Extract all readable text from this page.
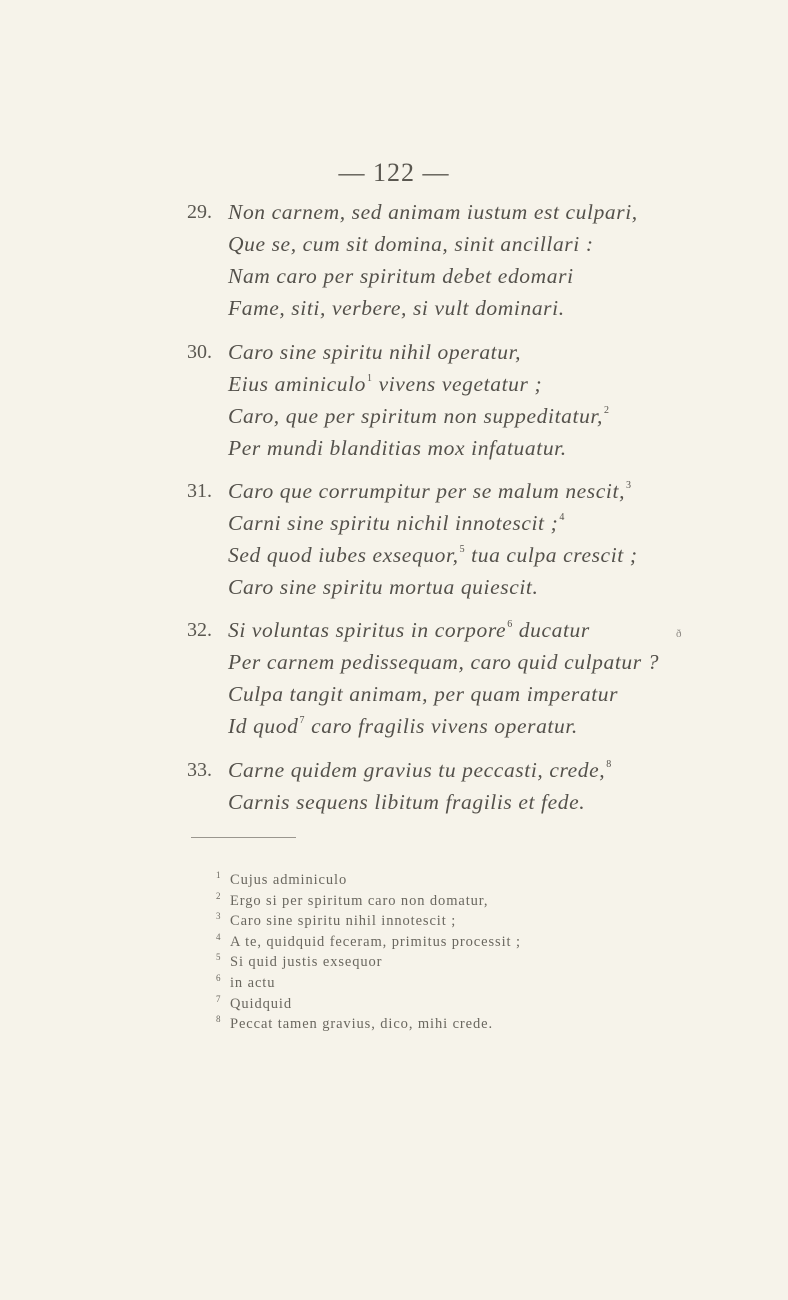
— 122 —
29. Non carnem, sed animam iustum est culpari,
Que se, cum sit domina, sinit ancillari :
Nam caro per spiritum debet edomari
Fame, siti, verbere, si vult dominari.
30. Caro sine spiritu nihil operatur,
Eius aminiculo$^1$ vivens vegetatur ;
Caro, que per spiritum non suppeditatur,$^2$
Per mundi blanditias mox infatuatur.
31. Caro que corrumpitur per se malum nescit,$^3$
Carni sine spiritu nichil innotescit ;$^4$
Sed quod iubes exsequor,$^5$ tua culpa crescit ;
Caro sine spiritu mortua quiescit.
ð
32. Si voluntas spiritus in corpore$^6$ ducatur
Per carnem pedissequam, caro quid culpatur ?
Culpa tangit animam, per quam imperatur
Id quod$^7$ caro fragilis vivens operatur.
33. Carne quidem gravius tu peccasti, crede,$^8$
Carnis sequens libitum fragilis et fede.
$^1$ Cujus adminiculo
$^2$ Ergo si per spiritum caro non domatur,
$^3$ Caro sine spiritu nihil innotescit ;
$^4$ A te, quidquid feceram, primitus processit ;
$^5$ Si quid justis exsequor
$^6$ in actu
$^7$ Quidquid
$^8$ Peccat tamen gravius, dico, mihi crede.
